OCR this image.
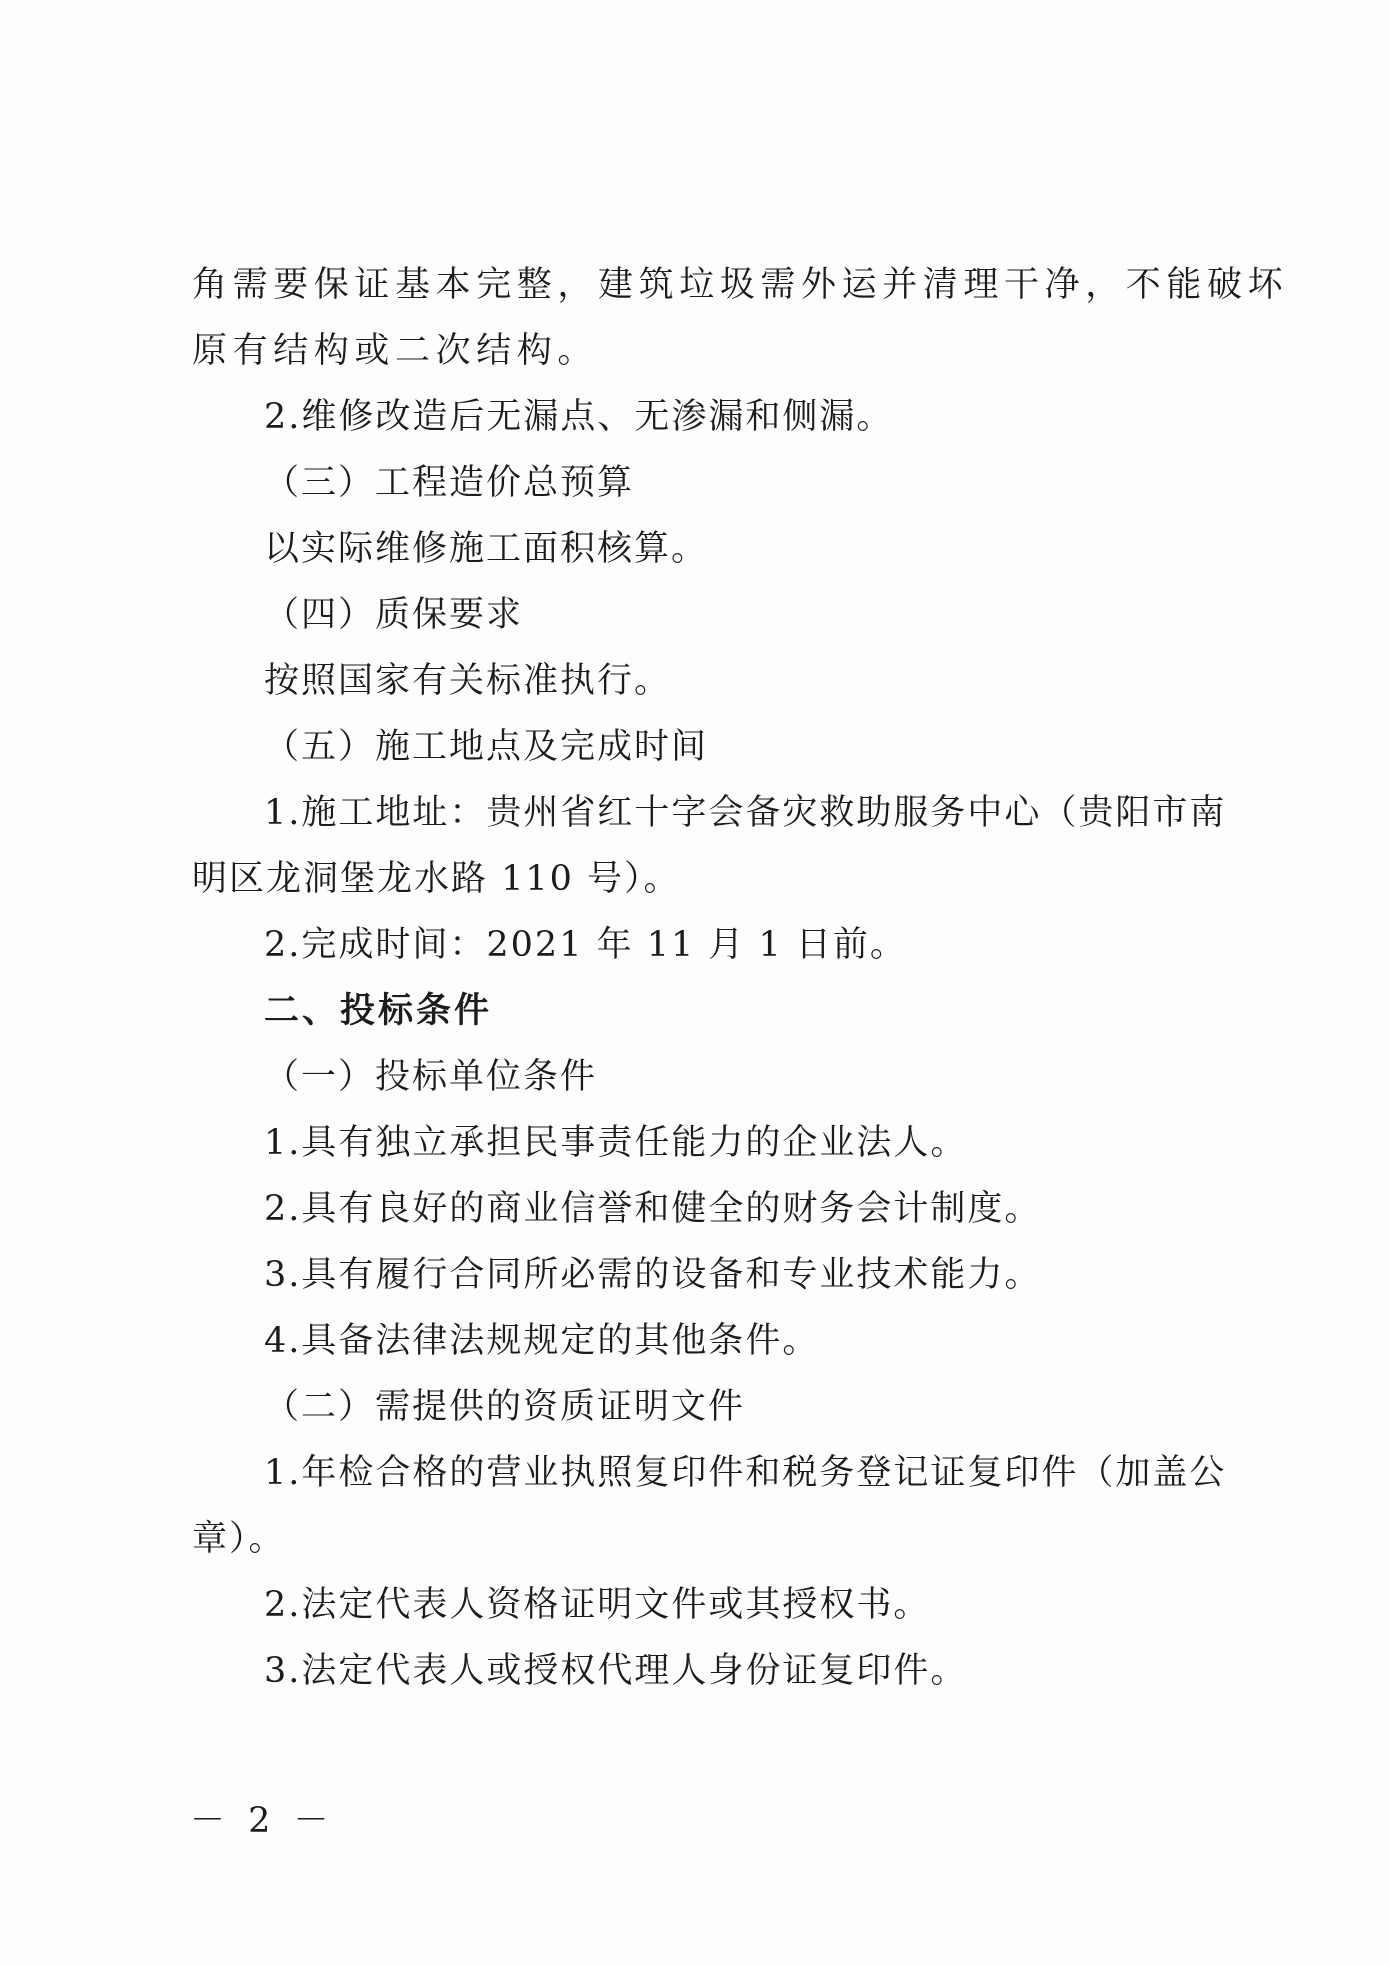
角需要保证基本完整，建筑垃圾需外运并清理干净，不能破坏
原有结构或二次结构。
2.维修改造后无漏点、无渗漏和侧漏。
（三）工程造价总预算
以实际维修施工面积核算。
（四）质保要求
按照国家有关标准执行。
（五）施工地点及完成时间
1.施工地址：贵州省红十字会备灾救助服务中心（贵阳市南
明区龙洞堡龙水路 110 号）。
2.完成时间：2021 年 11 月 1 日前。
二、投标条件
（一）投标单位条件
1.具有独立承担民事责任能力的企业法人。
2.具有良好的商业信誉和健全的财务会计制度。
3.具有履行合同所必需的设备和专业技术能力。
4.具备法律法规规定的其他条件。
（二）需提供的资质证明文件
1.年检合格的营业执照复印件和税务登记证复印件（加盖公
章）。
2.法定代表人资格证明文件或其授权书。
3.法定代表人或授权代理人身份证复印件。
－ 2 －
